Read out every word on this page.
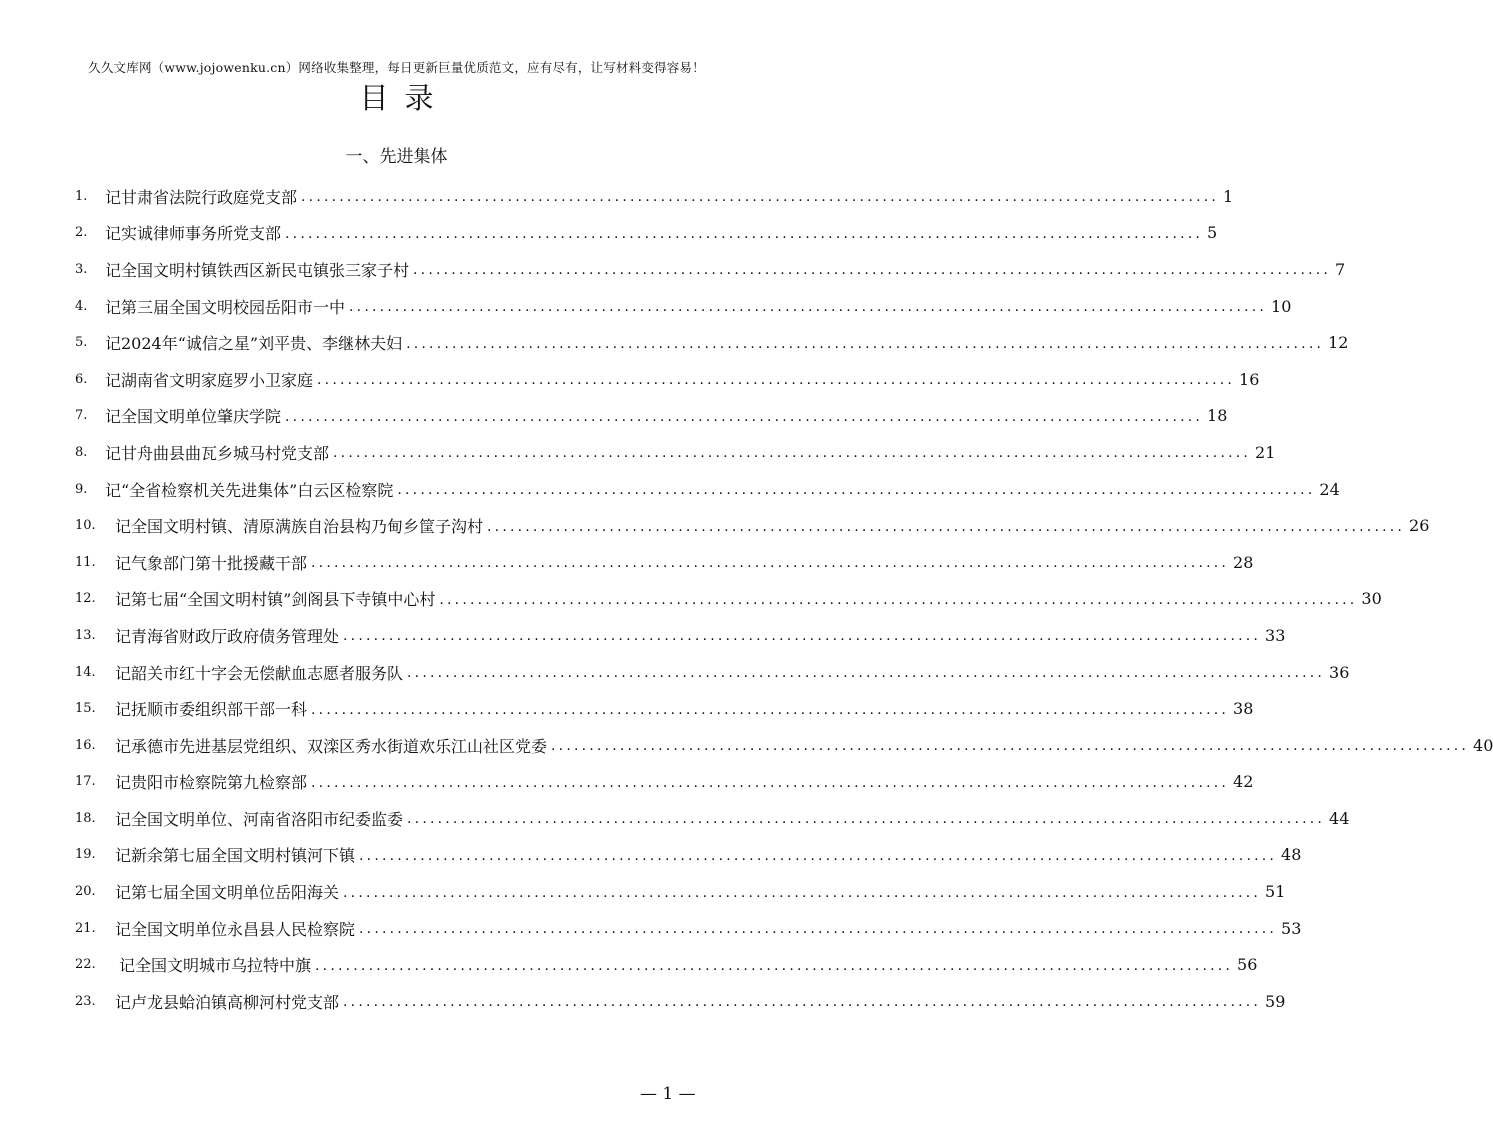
久久文库网（www.jojowenku.cn）网络收集整理，每日更新巨量优质范文，应有尽有，让写材料变得容易！
目录
一、先进集体
1.	记甘肃省法院行政庭党支部 ........................................................................................................................ 1
2.	记实诚律师事务所党支部 ........................................................................................................................ 5
3.	记全国文明村镇铁西区新民屯镇张三家子村 ........................................................................................................................ 7
4.	记第三届全国文明校园岳阳市一中 ........................................................................................................................ 10
5.	记2024年“诚信之星”刘平贵、李继林夫妇 ........................................................................................................................ 12
6.	记湖南省文明家庭罗小卫家庭 ........................................................................................................................ 16
7.	记全国文明单位肇庆学院 ........................................................................................................................ 18
8.	记甘舟曲县曲瓦乡城马村党支部 ........................................................................................................................ 21
9.	记“全省检察机关先进集体”白云区检察院 ........................................................................................................................ 24
10.	记全国文明村镇、清原满族自治县构乃甸乡筐子沟村 ........................................................................................................................ 26
11.	记气象部门第十批援藏干部 ........................................................................................................................ 28
12.	记第七届“全国文明村镇”剑阁县下寺镇中心村 ........................................................................................................................ 30
13.	记青海省财政厅政府债务管理处 ........................................................................................................................ 33
14.	记韶关市红十字会无偿献血志愿者服务队 ........................................................................................................................ 36
15.	记抚顺市委组织部干部一科 ........................................................................................................................ 38
16.	记承德市先进基层党组织、双滦区秀水街道欢乐江山社区党委 ........................................................................................................................ 40
17.	记贵阳市检察院第九检察部 ........................................................................................................................ 42
18.	记全国文明单位、河南省洛阳市纪委监委 ........................................................................................................................ 44
19.	记新余第七届全国文明村镇河下镇 ........................................................................................................................ 48
20.	记第七届全国文明单位岳阳海关 ........................................................................................................................ 51
21.	记全国文明单位永昌县人民检察院 ........................................................................................................................ 53
22.	记全国文明城市乌拉特中旗 ........................................................................................................................ 56
23.	记卢龙县蛤泊镇高柳河村党支部 ........................................................................................................................ 59
— 1 —
